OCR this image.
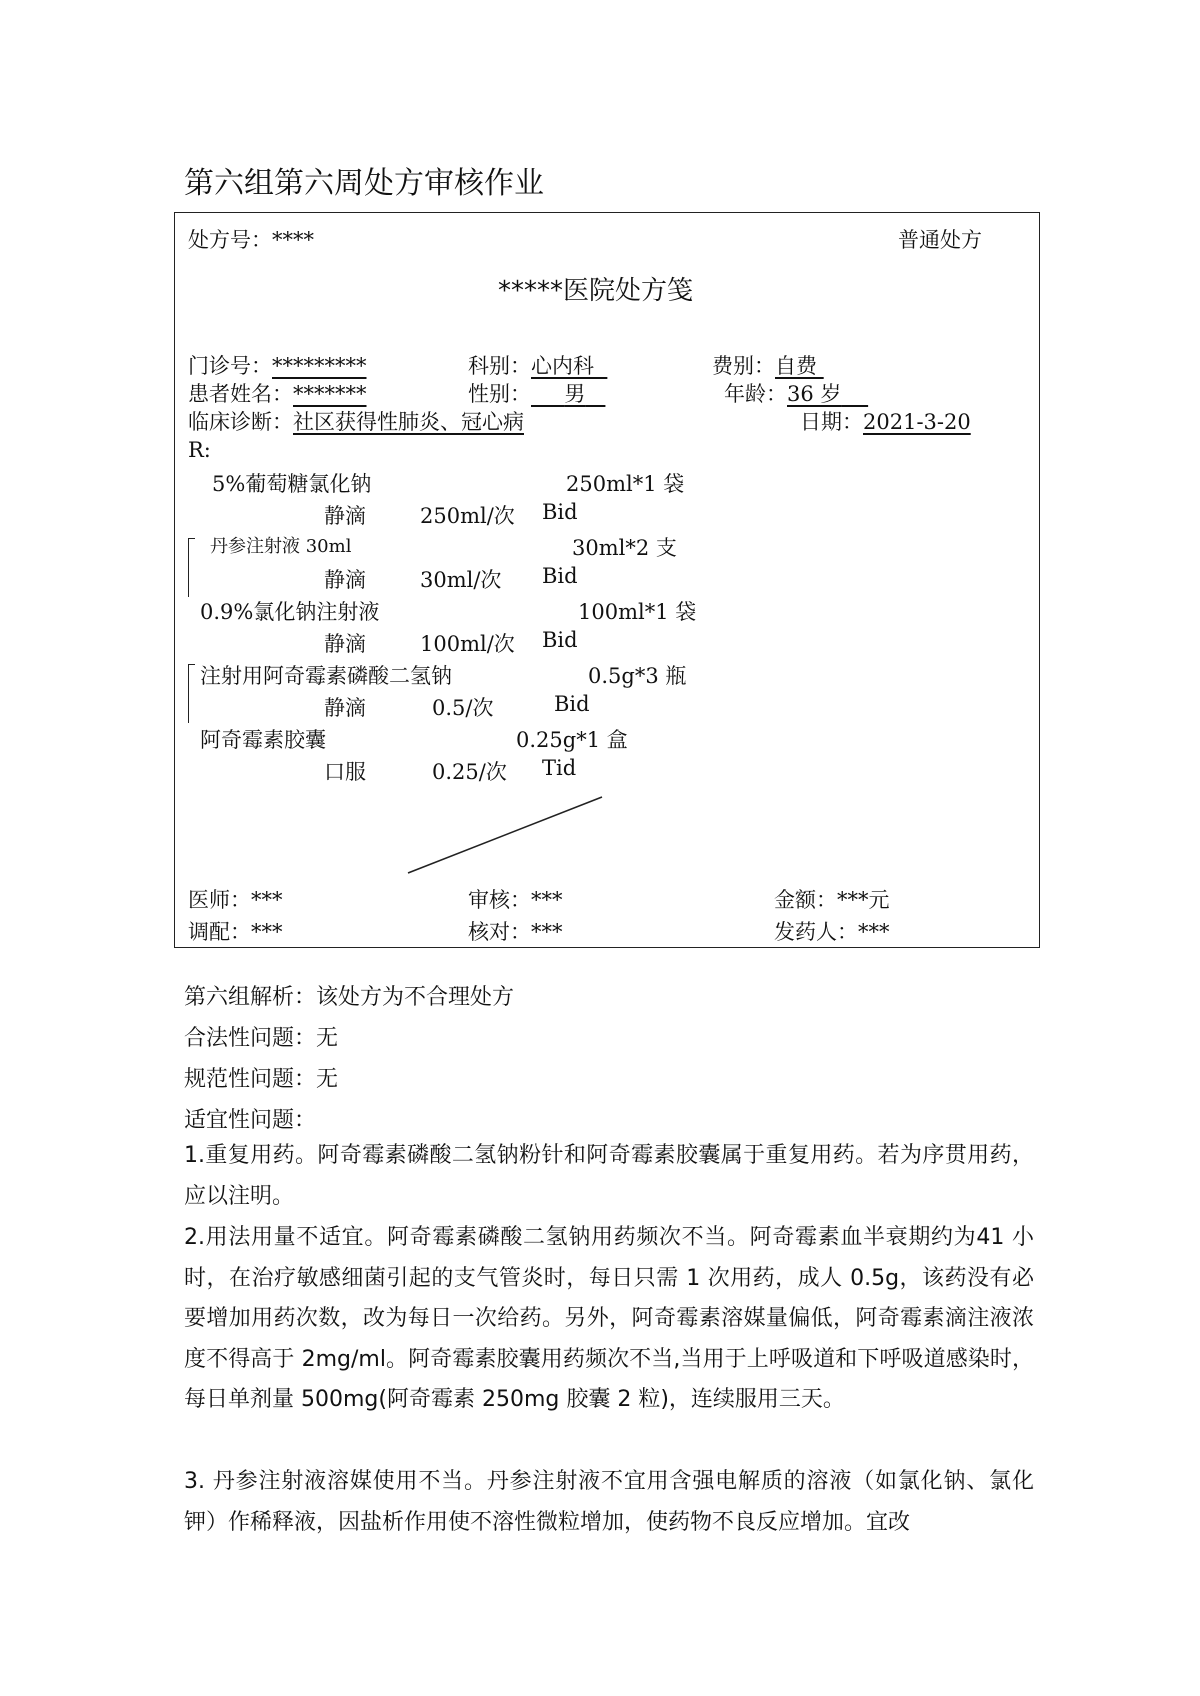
第六组第六周处方审核作业
处方号：****	普通处方
*****医院处方笺
门诊号：*********	科别：心内科	费别：自费
患者姓名：*******	性别： 男	年龄：36 岁
临床诊断：社区获得性肺炎、冠心病	日期：2021-3-20
R:
5%葡萄糖氯化钠	250ml*1 袋
静滴	250ml/次 Bid
丹参注射液 30ml	30ml*2 支
静滴	30ml/次 Bid
0.9%氯化钠注射液	100ml*1 袋
静滴	100ml/次 Bid
注射用阿奇霉素磷酸二氢钠	0.5g*3 瓶
静滴	0.5/次	Bid
阿奇霉素胶囊	0.25g*1 盒
口服	0.25/次 Tid
医师：***	审核：***	金额：***元
调配：***	核对：***	发药人：***
第六组解析：该处方为不合理处方
合法性问题：无
规范性问题：无
适宜性问题：
1.重复用药。阿奇霉素磷酸二氢钠粉针和阿奇霉素胶囊属于重复用药。若为序贯用药，应以注明。
2.用法用量不适宜。阿奇霉素磷酸二氢钠用药频次不当。阿奇霉素血半衰期约为41 小时，在治疗敏感细菌引起的支气管炎时，每日只需 1 次用药，成人 0.5g，该药没有必要增加用药次数，改为每日一次给药。另外，阿奇霉素溶媒量偏低，阿奇霉素滴注液浓度不得高于 2mg/ml。阿奇霉素胶囊用药频次不当,当用于上呼吸道和下呼吸道感染时，每日单剂量 500mg(阿奇霉素 250mg 胶囊 2 粒)，连续服用三天。
3. 丹参注射液溶媒使用不当。丹参注射液不宜用含强电解质的溶液（如氯化钠、氯化钾）作稀释液，因盐析作用使不溶性微粒增加，使药物不良反应增加。宜改
